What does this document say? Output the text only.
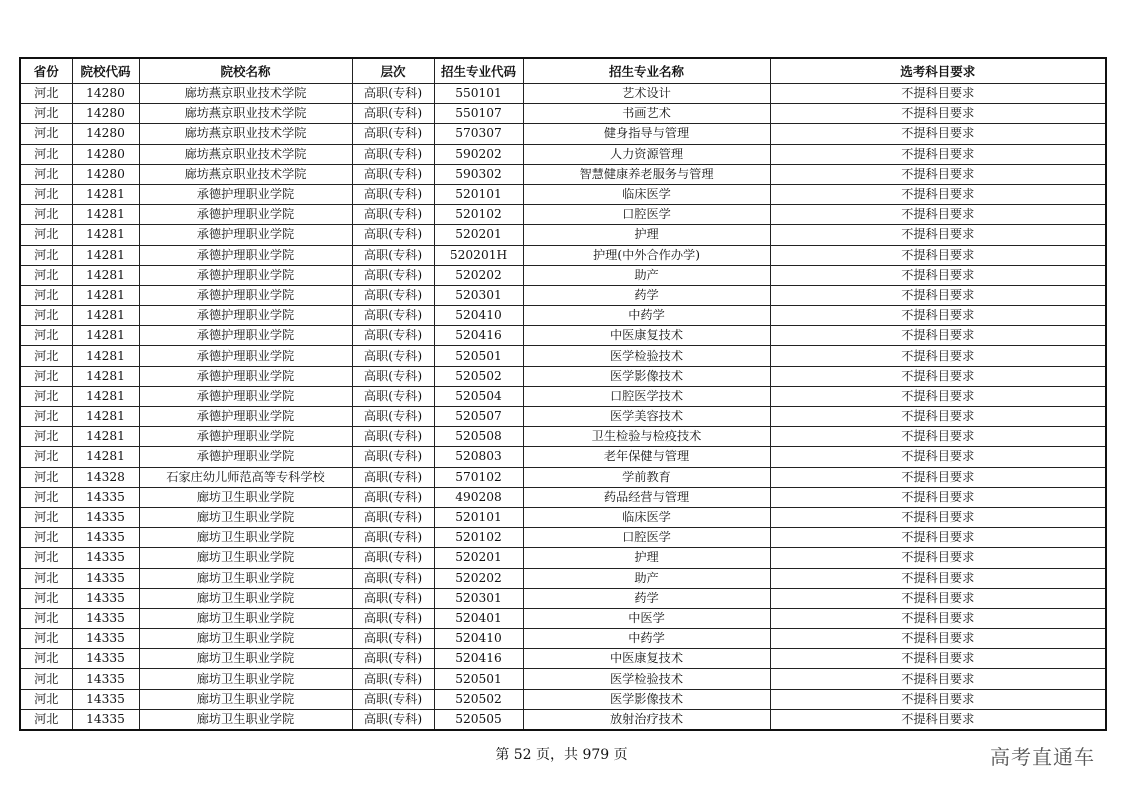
省份	院校代码	院校名称	层次	招生专业代码	招生专业名称	选考科目要求
河北	14280	廊坊燕京职业技术学院	高职(专科)	550101	艺术设计	不提科目要求
河北	14280	廊坊燕京职业技术学院	高职(专科)	550107	书画艺术	不提科目要求
河北	14280	廊坊燕京职业技术学院	高职(专科)	570307	健身指导与管理	不提科目要求
河北	14280	廊坊燕京职业技术学院	高职(专科)	590202	人力资源管理	不提科目要求
河北	14280	廊坊燕京职业技术学院	高职(专科)	590302	智慧健康养老服务与管理	不提科目要求
河北	14281	承德护理职业学院	高职(专科)	520101	临床医学	不提科目要求
河北	14281	承德护理职业学院	高职(专科)	520102	口腔医学	不提科目要求
河北	14281	承德护理职业学院	高职(专科)	520201	护理	不提科目要求
河北	14281	承德护理职业学院	高职(专科)	520201H	护理(中外合作办学)	不提科目要求
河北	14281	承德护理职业学院	高职(专科)	520202	助产	不提科目要求
河北	14281	承德护理职业学院	高职(专科)	520301	药学	不提科目要求
河北	14281	承德护理职业学院	高职(专科)	520410	中药学	不提科目要求
河北	14281	承德护理职业学院	高职(专科)	520416	中医康复技术	不提科目要求
河北	14281	承德护理职业学院	高职(专科)	520501	医学检验技术	不提科目要求
河北	14281	承德护理职业学院	高职(专科)	520502	医学影像技术	不提科目要求
河北	14281	承德护理职业学院	高职(专科)	520504	口腔医学技术	不提科目要求
河北	14281	承德护理职业学院	高职(专科)	520507	医学美容技术	不提科目要求
河北	14281	承德护理职业学院	高职(专科)	520508	卫生检验与检疫技术	不提科目要求
河北	14281	承德护理职业学院	高职(专科)	520803	老年保健与管理	不提科目要求
河北	14328	石家庄幼儿师范高等专科学校	高职(专科)	570102	学前教育	不提科目要求
河北	14335	廊坊卫生职业学院	高职(专科)	490208	药品经营与管理	不提科目要求
河北	14335	廊坊卫生职业学院	高职(专科)	520101	临床医学	不提科目要求
河北	14335	廊坊卫生职业学院	高职(专科)	520102	口腔医学	不提科目要求
河北	14335	廊坊卫生职业学院	高职(专科)	520201	护理	不提科目要求
河北	14335	廊坊卫生职业学院	高职(专科)	520202	助产	不提科目要求
河北	14335	廊坊卫生职业学院	高职(专科)	520301	药学	不提科目要求
河北	14335	廊坊卫生职业学院	高职(专科)	520401	中医学	不提科目要求
河北	14335	廊坊卫生职业学院	高职(专科)	520410	中药学	不提科目要求
河北	14335	廊坊卫生职业学院	高职(专科)	520416	中医康复技术	不提科目要求
河北	14335	廊坊卫生职业学院	高职(专科)	520501	医学检验技术	不提科目要求
河北	14335	廊坊卫生职业学院	高职(专科)	520502	医学影像技术	不提科目要求
河北	14335	廊坊卫生职业学院	高职(专科)	520505	放射治疗技术	不提科目要求
第 52 页，共 979 页	高考直通车
